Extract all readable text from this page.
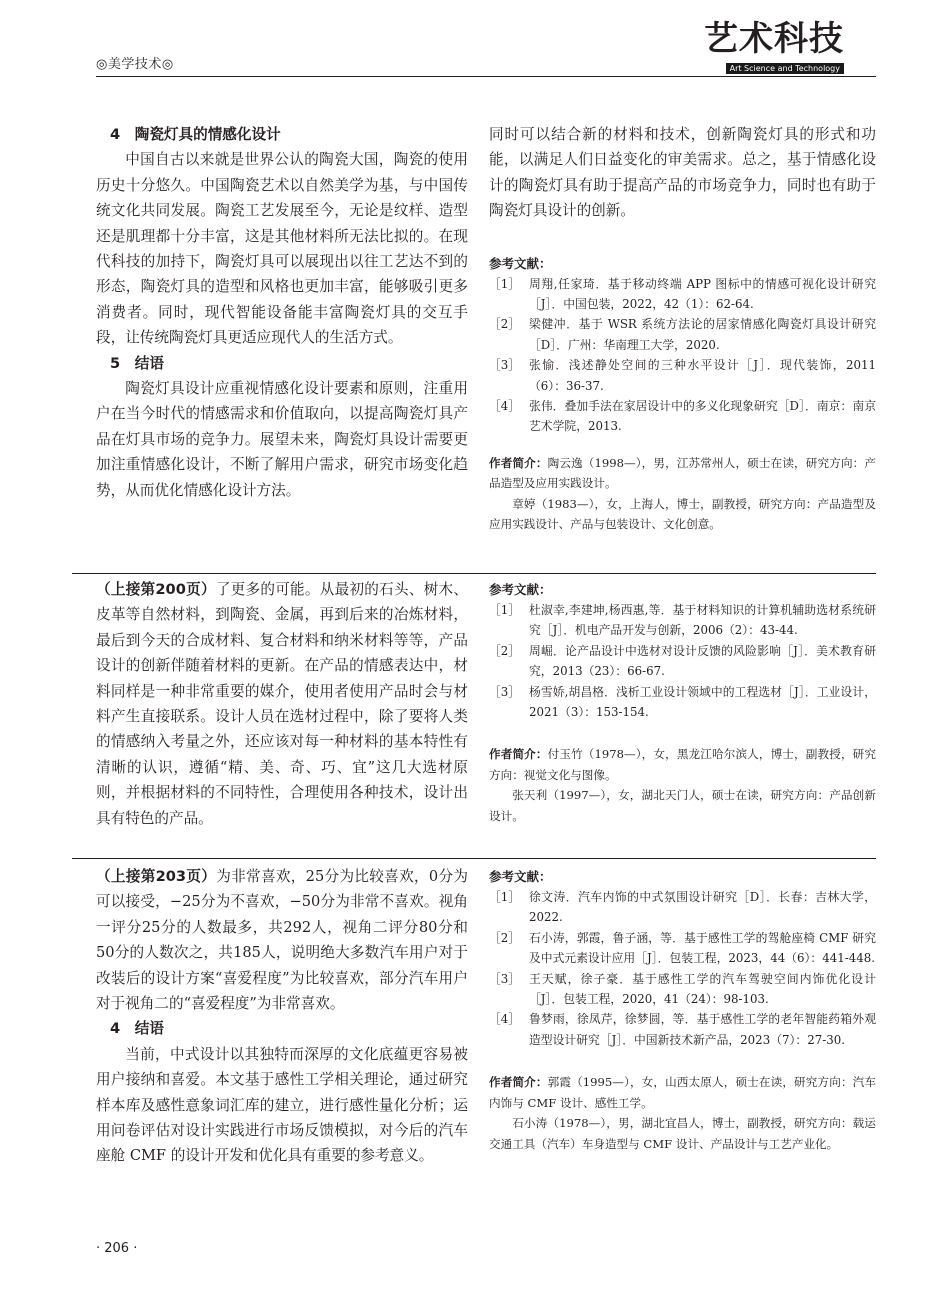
◎美学技术◎
艺术科技
Art Science and Technology
4　陶瓷灯具的情感化设计

中国自古以来就是世界公认的陶瓷大国，陶瓷的使用历史十分悠久。中国陶瓷艺术以自然美学为基，与中国传统文化共同发展。陶瓷工艺发展至今，无论是纹样、造型还是肌理都十分丰富，这是其他材料所无法比拟的。在现代科技的加持下，陶瓷灯具可以展现出以往工艺达不到的形态，陶瓷灯具的造型和风格也更加丰富，能够吸引更多消费者。同时，现代智能设备能丰富陶瓷灯具的交互手段，让传统陶瓷灯具更适应现代人的生活方式。

5　结语

陶瓷灯具设计应重视情感化设计要素和原则，注重用户在当今时代的情感需求和价值取向，以提高陶瓷灯具产品在灯具市场的竞争力。展望未来，陶瓷灯具设计需要更加注重情感化设计，不断了解用户需求，研究市场变化趋势，从而优化情感化设计方法。

同时可以结合新的材料和技术，创新陶瓷灯具的形式和功能，以满足人们日益变化的审美需求。总之，基于情感化设计的陶瓷灯具有助于提高产品的市场竞争力，同时也有助于陶瓷灯具设计的创新。

参考文献：
［1］ 周翔,任家琦．基于移动终端 APP 图标中的情感可视化设计研究［J］．中国包装，2022，42（1）：62-64.
［2］ 梁健冲．基于 WSR 系统方法论的居家情感化陶瓷灯具设计研究［D］．广州：华南理工大学，2020.
［3］ 张愉．浅述静处空间的三种水平设计［J］．现代装饰，2011（6）：36-37.
［4］ 张伟．叠加手法在家居设计中的多义化现象研究［D］．南京：南京艺术学院，2013.

作者简介：陶云逸（1998—），男，江苏常州人，硕士在读，研究方向：产品造型及应用实践设计。

章婷（1983—），女，上海人，博士，副教授，研究方向：产品造型及应用实践设计、产品与包装设计、文化创意。

（上接第200页）了更多的可能。从最初的石头、树木、皮革等自然材料，到陶瓷、金属，再到后来的冶炼材料，最后到今天的合成材料、复合材料和纳米材料等等，产品设计的创新伴随着材料的更新。在产品的情感表达中，材料同样是一种非常重要的媒介，使用者使用产品时会与材料产生直接联系。设计人员在选材过程中，除了要将人类的情感纳入考量之外，还应该对每一种材料的基本特性有清晰的认识，遵循“精、美、奇、巧、宜”这几大选材原则，并根据材料的不同特性，合理使用各种技术，设计出具有特色的产品。

参考文献：
［1］ 杜淑幸,李建坤,杨西惠,等．基于材料知识的计算机辅助选材系统研究［J］．机电产品开发与创新，2006（2）：43-44.
［2］ 周崛．论产品设计中选材对设计反馈的风险影响［J］．美术教育研究，2013（23）：66-67.
［3］ 杨雪娇,胡昌格．浅析工业设计领域中的工程选材［J］．工业设计，2021（3）：153-154.

作者简介：付玉竹（1978—），女，黑龙江哈尔滨人，博士，副教授，研究方向：视觉文化与图像。

张天利（1997—），女，湖北天门人，硕士在读，研究方向：产品创新设计。

（上接第203页）为非常喜欢，25分为比较喜欢，0分为可以接受，−25分为不喜欢，−50分为非常不喜欢。视角一评分25分的人数最多，共292人，视角二评分80分和50分的人数次之，共185人，说明绝大多数汽车用户对于改装后的设计方案“喜爱程度”为比较喜欢，部分汽车用户对于视角二的“喜爱程度”为非常喜欢。

4　结语

当前，中式设计以其独特而深厚的文化底蕴更容易被用户接纳和喜爱。本文基于感性工学相关理论，通过研究样本库及感性意象词汇库的建立，进行感性量化分析；运用问卷评估对设计实践进行市场反馈模拟，对今后的汽车座舱 CMF 的设计开发和优化具有重要的参考意义。

参考文献：
［1］ 徐文涛．汽车内饰的中式氛围设计研究［D］．长春：吉林大学，2022.
［2］ 石小涛，郭霞，鲁子涵，等．基于感性工学的驾舱座椅 CMF 研究及中式元素设计应用［J］．包装工程，2023，44（6）：441-448.
［3］ 王天赋，徐子豪．基于感性工学的汽车驾驶空间内饰优化设计［J］．包装工程，2020，41（24）：98-103.
［4］ 鲁梦雨，徐凤芹，徐梦圆，等．基于感性工学的老年智能药箱外观造型设计研究［J］．中国新技术新产品，2023（7）：27-30.

作者简介：郭霞（1995—），女，山西太原人，硕士在读，研究方向：汽车内饰与 CMF 设计、感性工学。

石小涛（1978—），男，湖北宜昌人，博士，副教授，研究方向：载运交通工具（汽车）车身造型与 CMF 设计、产品设计与工艺产业化。

· 206 ·
